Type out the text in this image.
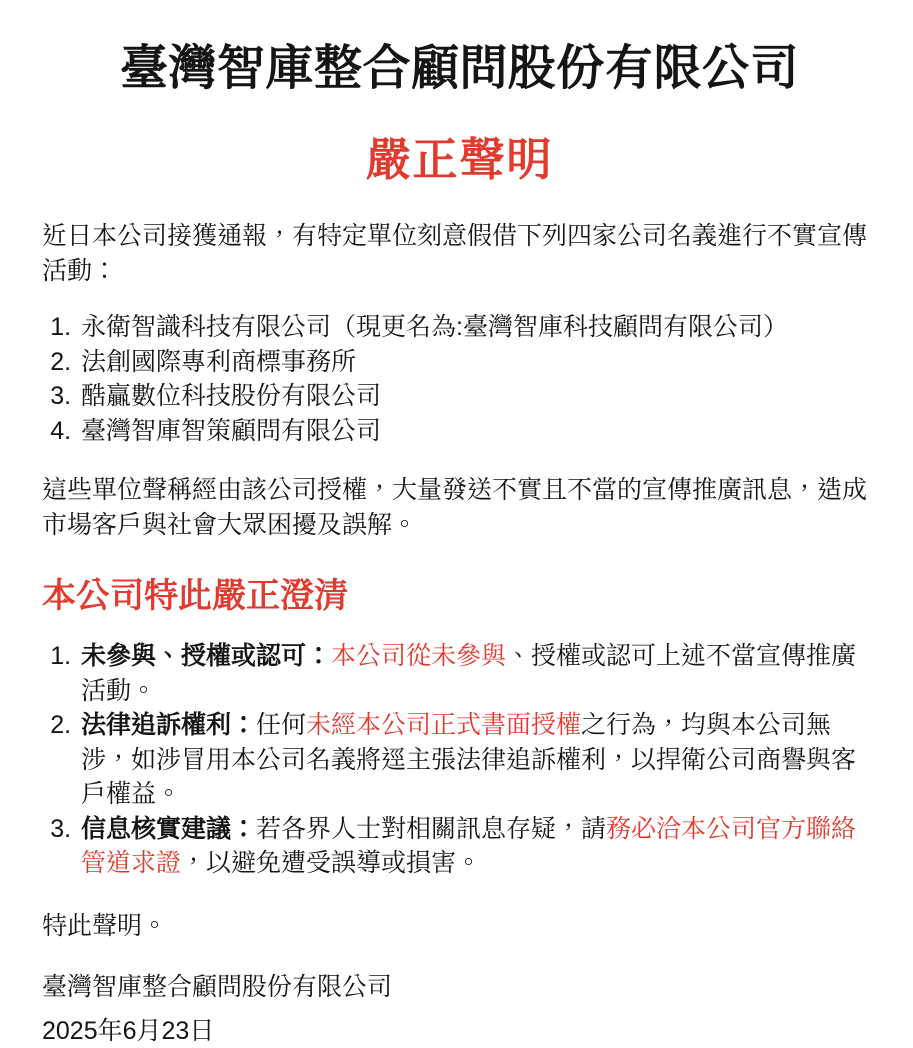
臺灣智庫整合顧問股份有限公司
嚴正聲明

近日本公司接獲通報，有特定單位刻意假借下列四家公司名義進行不實宣傳活動：

1. 永衛智識科技有限公司（現更名為:臺灣智庫科技顧問有限公司）
2. 法創國際專利商標事務所
3. 酷贏數位科技股份有限公司
4. 臺灣智庫智策顧問有限公司

這些單位聲稱經由該公司授權，大量發送不實且不當的宣傳推廣訊息，造成市場客戶與社會大眾困擾及誤解。

本公司特此嚴正澄清
1. 未參與、授權或認可：本公司從未參與、授權或認可上述不當宣傳推廣活動。
2. 法律追訴權利：任何未經本公司正式書面授權之行為，均與本公司無涉，如涉冒用本公司名義將逕主張法律追訴權利，以捍衛公司商譽與客戶權益。
3. 信息核實建議：若各界人士對相關訊息存疑，請務必洽本公司官方聯絡管道求證，以避免遭受誤導或損害。

特此聲明。

臺灣智庫整合顧問股份有限公司

2025年6月23日
